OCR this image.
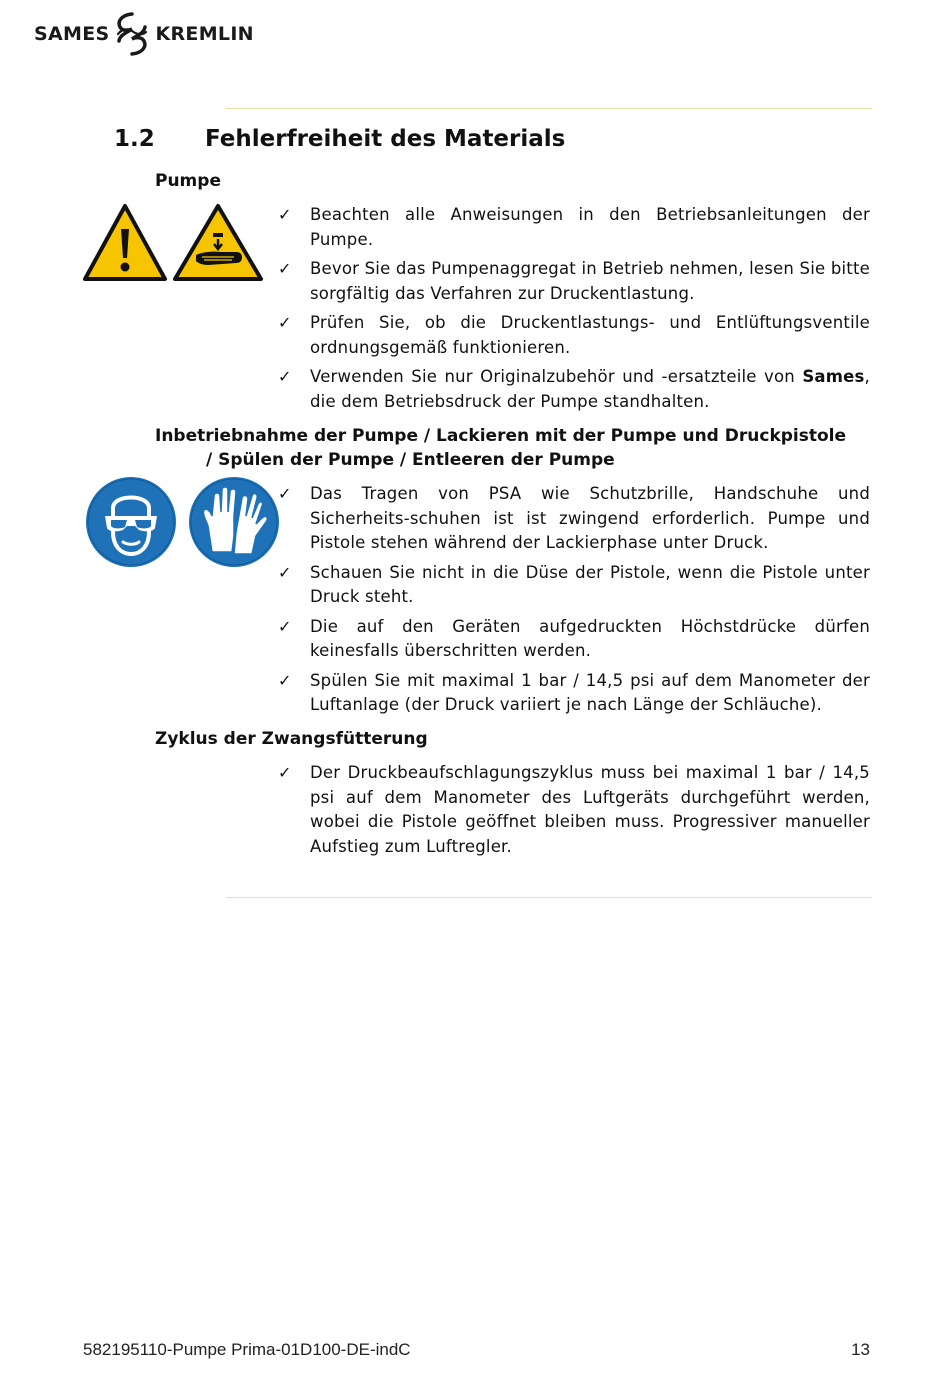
SAMES KREMLIN
1.2 Fehlerfreiheit des Materials
Pumpe
✓ Beachten alle Anweisungen in den Betriebsanleitungen der Pumpe.
✓ Bevor Sie das Pumpenaggregat in Betrieb nehmen, lesen Sie bitte sorgfältig das Verfahren zur Druckentlastung.
✓ Prüfen Sie, ob die Druckentlastungs- und Entlüftungsventile ordnungsgemäß funktionieren.
✓ Verwenden Sie nur Originalzubehör und -ersatzteile von Sames, die dem Betriebsdruck der Pumpe standhalten.
Inbetriebnahme der Pumpe / Lackieren mit der Pumpe und Druckpistole
/ Spülen der Pumpe / Entleeren der Pumpe
✓ Das Tragen von PSA wie Schutzbrille, Handschuhe und Sicherheits-schuhen ist ist zwingend erforderlich. Pumpe und Pistole stehen während der Lackierphase unter Druck.
✓ Schauen Sie nicht in die Düse der Pistole, wenn die Pistole unter Druck steht.
✓ Die auf den Geräten aufgedruckten Höchstdrücke dürfen keinesfalls überschritten werden.
✓ Spülen Sie mit maximal 1 bar / 14,5 psi auf dem Manometer der Luftanlage (der Druck variiert je nach Länge der Schläuche).
Zyklus der Zwangsfütterung
✓ Der Druckbeaufschlagungszyklus muss bei maximal 1 bar / 14,5 psi auf dem Manometer des Luftgeräts durchgeführt werden, wobei die Pistole geöffnet bleiben muss. Progressiver manueller Aufstieg zum Luftregler.
582195110-Pumpe Prima-01D100-DE-indC	13
